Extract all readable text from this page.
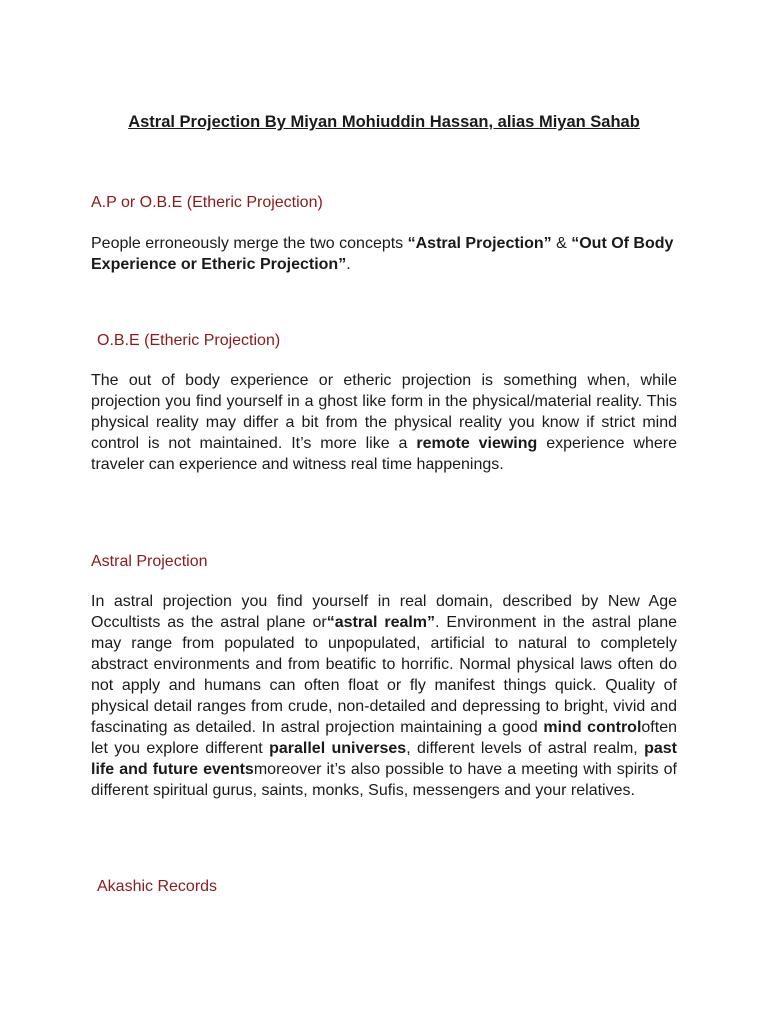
Astral Projection By Miyan Mohiuddin Hassan, alias Miyan Sahab
A.P or O.B.E (Etheric Projection)

People erroneously merge the two concepts “Astral Projection” & “Out Of Body Experience or Etheric Projection”.

O.B.E (Etheric Projection)

The out of body experience or etheric projection is something when, while projection you find yourself in a ghost like form in the physical/material reality. This physical reality may differ a bit from the physical reality you know if strict mind control is not maintained. It’s more like a remote viewing experience where traveler can experience and witness real time happenings.

Astral Projection

In astral projection you find yourself in real domain, described by New Age Occultists as the astral plane or“astral realm”. Environment in the astral plane may range from populated to unpopulated, artificial to natural to completely abstract environments and from beatific to horrific. Normal physical laws often do not apply and humans can often float or fly manifest things quick. Quality of physical detail ranges from crude, non-detailed and depressing to bright, vivid and fascinating as detailed. In astral projection maintaining a good mind controloften let you explore different parallel universes, different levels of astral realm, past life and future eventsmoreover it’s also possible to have a meeting with spirits of different spiritual gurus, saints, monks, Sufis, messengers and your relatives.

Akashic Records
